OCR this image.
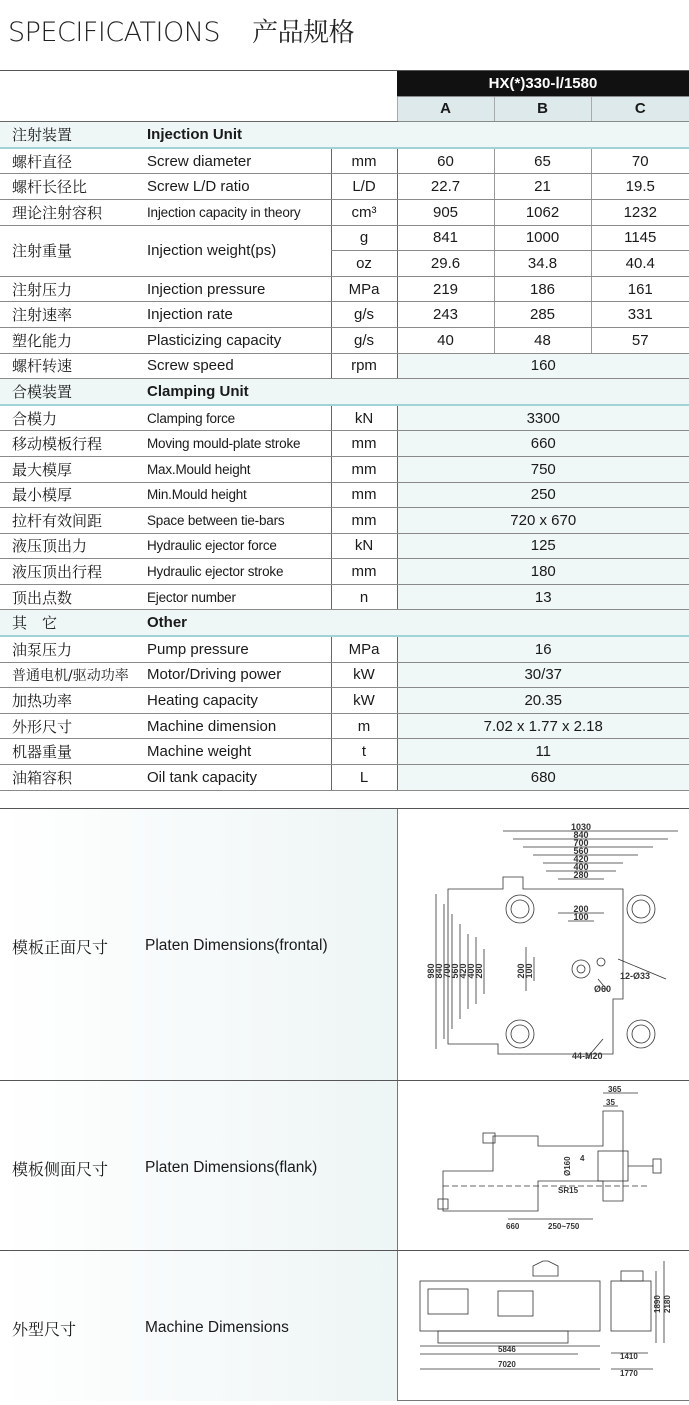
SPECIFICATIONS 产品规格
			HX(*)330-Ⅰ/1580		
			A	B	C
注射装置	Injection Unit				
螺杆直径	Screw diameter	mm	60	65	70
螺杆长径比	Screw L/D ratio	L/D	22.7	21	19.5
理论注射容积	Injection capacity in theory	cm³	905	1062	1232
注射重量	Injection weight(ps)	g	841	1000	1145
		oz	29.6	34.8	40.4
注射压力	Injection pressure	MPa	219	186	161
注射速率	Injection rate	g/s	243	285	331
塑化能力	Plasticizing capacity	g/s	40	48	57
螺杆转速	Screw speed	rpm	160		
合模装置	Clamping Unit				
合模力	Clamping force	kN	3300		
移动模板行程	Moving mould-plate stroke	mm	660		
最大模厚	Max.Mould height	mm	750		
最小模厚	Min.Mould height	mm	250		
拉杆有效间距	Space between tie-bars	mm	720 x 670		
液压顶出力	Hydraulic ejector force	kN	125		
液压顶出行程	Hydraulic ejector stroke	mm	180		
顶出点数	Ejector number	n	13		
其　它	Other				
油泵压力	Pump pressure	MPa	16		
普通电机/驱动功率	Motor/Driving power	kW	30/37		
加热功率	Heating capacity	kW	20.35		
外形尺寸	Machine dimension	m	7.02 x 1.77 x 2.18		
机器重量	Machine weight	t	11		
油箱容积	Oil tank capacity	L	680		
模板正面尺寸 Platen Dimensions(frontal)
1030
840
700
560
420
400
280
200
100
980
840
700
560
420
400
280	200
100	12-Ø33
Ø60
44-M20
模板侧面尺寸 Platen Dimensions(flank)
365
35
660	250~750
Ø160
SR15
4
外型尺寸	Machine Dimensions
5846
7020
1410
1770
1890 2180
